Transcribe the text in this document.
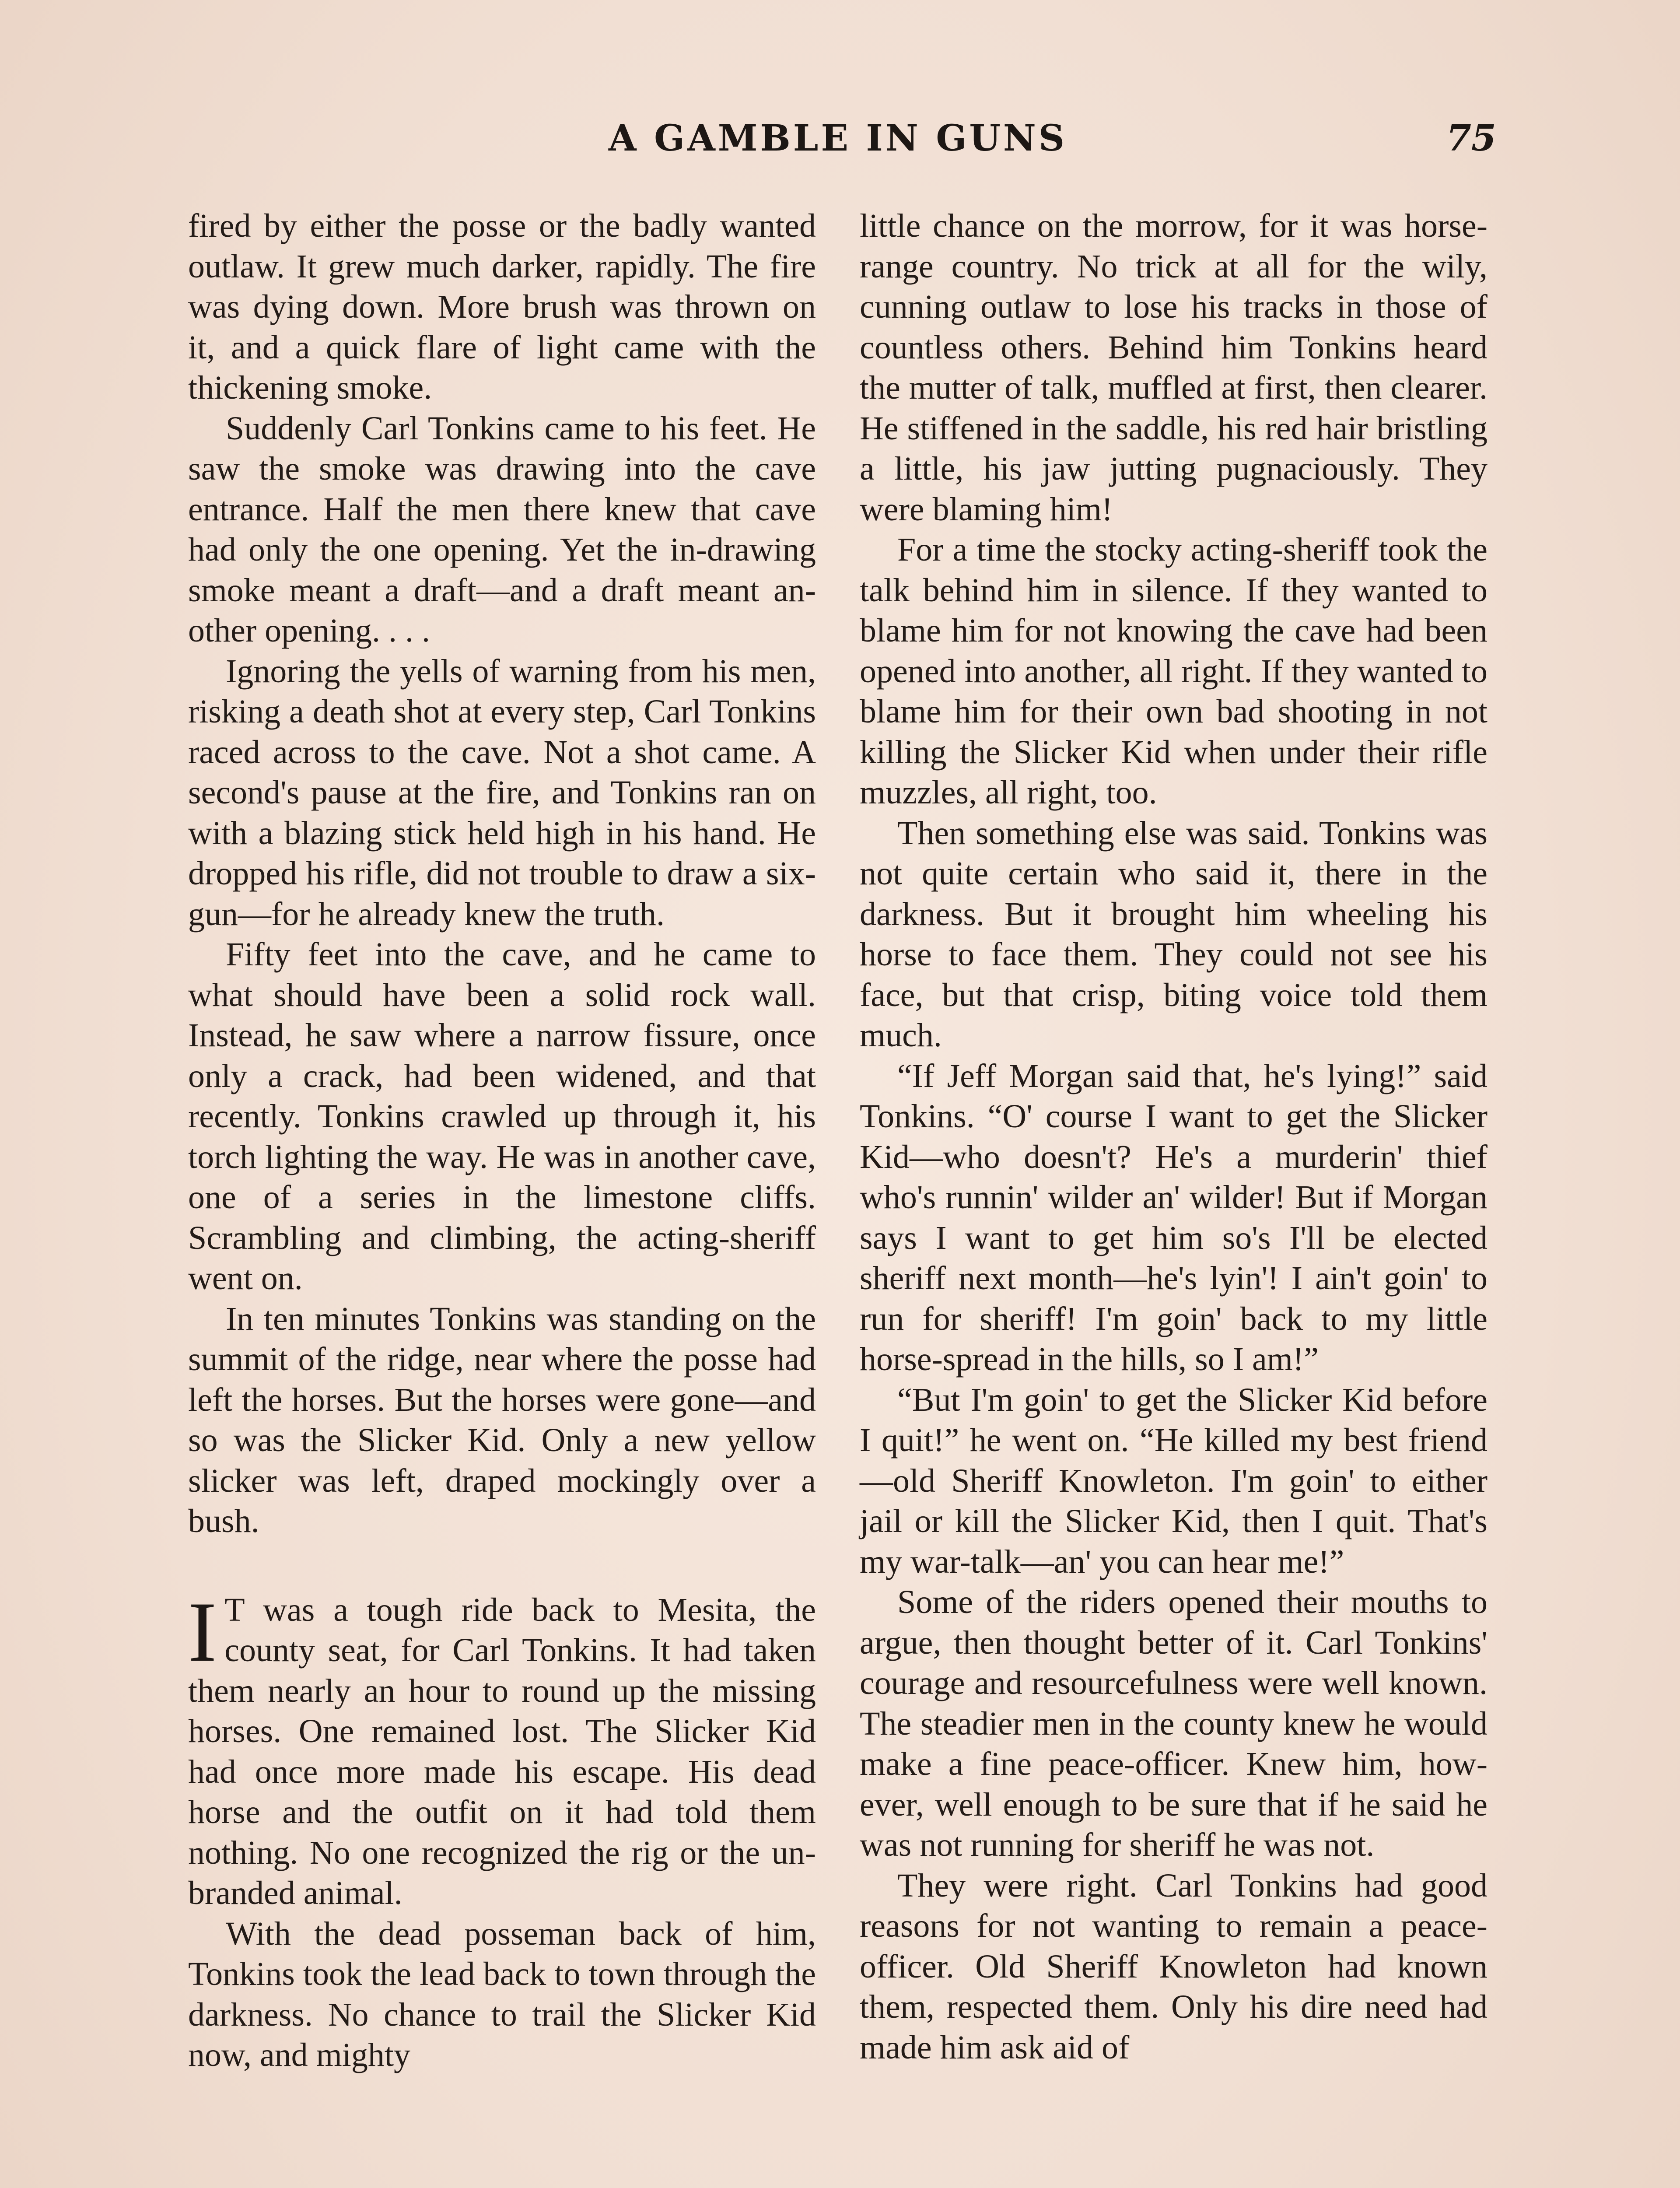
A GAMBLE IN GUNS	75

fired by either the posse or the badly wanted outlaw. It grew much darker, rapidly. The fire was dying down. More brush was thrown on it, and a quick flare of light came with the thickening smoke.

Suddenly Carl Tonkins came to his feet. He saw the smoke was drawing into the cave entrance. Half the men there knew that cave had only the one opening. Yet the in-drawing smoke meant a draft—and a draft meant another opening. . . .

Ignoring the yells of warning from his men, risking a death shot at every step, Carl Tonkins raced across to the cave. Not a shot came. A second's pause at the fire, and Tonkins ran on with a blazing stick held high in his hand. He dropped his rifle, did not trouble to draw a six-gun—for he already knew the truth.

Fifty feet into the cave, and he came to what should have been a solid rock wall. Instead, he saw where a narrow fissure, once only a crack, had been widened, and that recently. Tonkins crawled up through it, his torch lighting the way. He was in another cave, one of a series in the limestone cliffs. Scrambling and climbing, the acting-sheriff went on.

In ten minutes Tonkins was standing on the summit of the ridge, near where the posse had left the horses. But the horses were gone—and so was the Slicker Kid. Only a new yellow slicker was left, draped mockingly over a bush.

I T was a tough ride back to Mesita, the county seat, for Carl Tonkins. It had taken them nearly an hour to round up the missing horses. One remained lost. The Slicker Kid had once more made his escape. His dead horse and the outfit on it had told them nothing. No one recognized the rig or the unbranded animal.

With the dead posseman back of him, Tonkins took the lead back to town through the darkness. No chance to trail the Slicker Kid now, and mighty

little chance on the morrow, for it was horse-range country. No trick at all for the wily, cunning outlaw to lose his tracks in those of countless others. Behind him Tonkins heard the mutter of talk, muffled at first, then clearer. He stiffened in the saddle, his red hair bristling a little, his jaw jutting pugnaciously. They were blaming him!

For a time the stocky acting-sheriff took the talk behind him in silence. If they wanted to blame him for not knowing the cave had been opened into another, all right. If they wanted to blame him for their own bad shooting in not killing the Slicker Kid when under their rifle muzzles, all right, too.

Then something else was said. Tonkins was not quite certain who said it, there in the darkness. But it brought him wheeling his horse to face them. They could not see his face, but that crisp, biting voice told them much.

“If Jeff Morgan said that, he's lying!” said Tonkins. “O' course I want to get the Slicker Kid—who doesn't? He's a murderin' thief who's runnin' wilder an' wilder! But if Morgan says I want to get him so's I'll be elected sheriff next month—he's lyin'! I ain't goin' to run for sheriff! I'm goin' back to my little horse-spread in the hills, so I am!”

“But I'm goin' to get the Slicker Kid before I quit!” he went on. “He killed my best friend—old Sheriff Knowleton. I'm goin' to either jail or kill the Slicker Kid, then I quit. That's my war-talk—an' you can hear me!”

Some of the riders opened their mouths to argue, then thought better of it. Carl Tonkins' courage and resourcefulness were well known. The steadier men in the county knew he would make a fine peace-officer. Knew him, however, well enough to be sure that if he said he was not running for sheriff he was not.

They were right. Carl Tonkins had good reasons for not wanting to remain a peace-officer. Old Sheriff Knowleton had known them, respected them. Only his dire need had made him ask aid of
